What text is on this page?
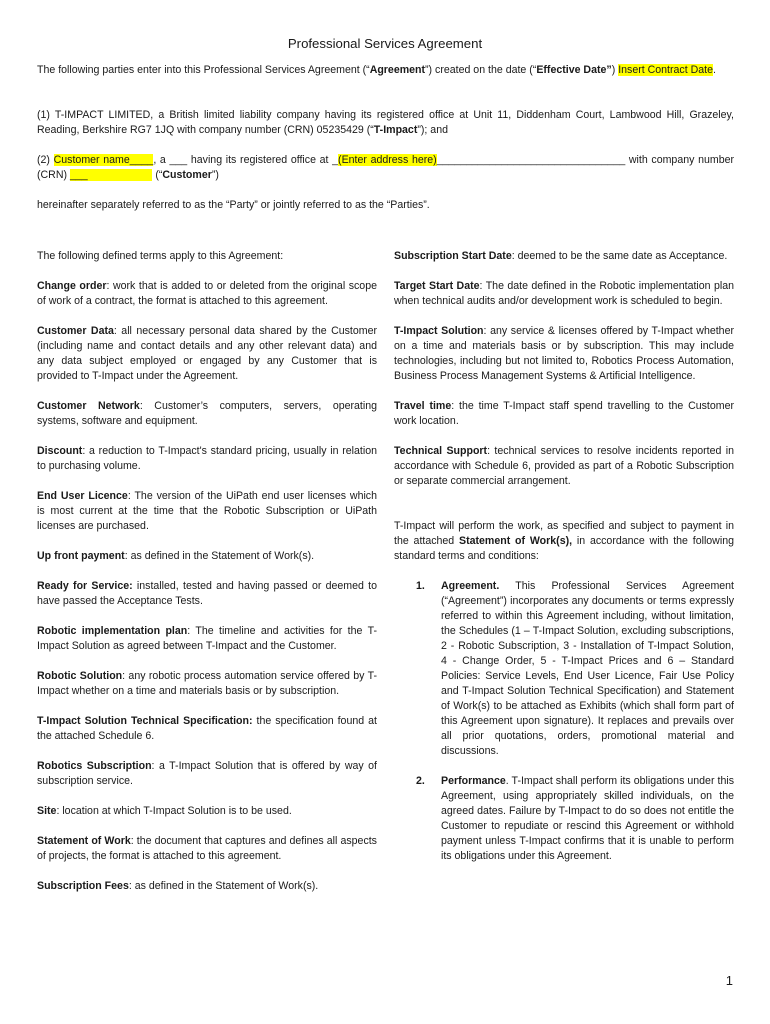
Professional Services Agreement

The following parties enter into this Professional Services Agreement (“Agreement”) created on the date (“Effective Date”) Insert Contract Date.

(1) T-IMPACT LIMITED, a British limited liability company having its registered office at Unit 11, Diddenham Court, Lambwood Hill, Grazeley, Reading, Berkshire RG7 1JQ with company number (CRN) 05235429 (“T-Impact”); and

(2) Customer name____, a ___ having its registered office at _(Enter address here)________________________________ with company number (CRN) ___                       (“Customer”)

hereinafter separately referred to as the “Party” or jointly referred to as the “Parties”.

The following defined terms apply to this Agreement:

Change order: work that is added to or deleted from the original scope of work of a contract, the format is attached to this agreement.

Customer Data: all necessary personal data shared by the Customer (including name and contact details and any other relevant data) and any data subject employed or engaged by any Customer that is provided to T-Impact under the Agreement.

Customer Network: Customer’s computers, servers, operating systems, software and equipment.

Discount: a reduction to T-Impact's standard pricing, usually in relation to purchasing volume.

End User Licence: The version of the UiPath end user licenses which is most current at the time that the Robotic Subscription or UiPath licenses are purchased.

Up front payment: as defined in the Statement of Work(s).

Ready for Service: installed, tested and having passed or deemed to have passed the Acceptance Tests.

Robotic implementation plan: The timeline and activities for the T-Impact Solution as agreed between T-Impact and the Customer.

Robotic Solution: any robotic process automation service offered by T-Impact whether on a time and materials basis or by subscription.

T-Impact Solution Technical Specification: the specification found at the attached Schedule 6.

Robotics Subscription: a T-Impact Solution that is offered by way of subscription service.

Site: location at which T-Impact Solution is to be used.

Statement of Work: the document that captures and defines all aspects of projects, the format is attached to this agreement.

Subscription Fees: as defined in the Statement of Work(s).

Subscription Start Date: deemed to be the same date as Acceptance.

Target Start Date: The date defined in the Robotic implementation plan when technical audits and/or development work is scheduled to begin.

T-Impact Solution: any service & licenses offered by T-Impact whether on a time and materials basis or by subscription. This may include technologies, including but not limited to, Robotics Process Automation, Business Process Management Systems & Artificial Intelligence.

Travel time: the time T-Impact staff spend travelling to the Customer work location.

Technical Support: technical services to resolve incidents reported in accordance with Schedule 6, provided as part of a Robotic Subscription or separate commercial arrangement.

T-Impact will perform the work, as specified and subject to payment in the attached Statement of Work(s), in accordance with the following standard terms and conditions:

1. Agreement. This Professional Services Agreement (“Agreement”) incorporates any documents or terms expressly referred to within this Agreement including, without limitation, the Schedules (1 – T-Impact Solution, excluding subscriptions, 2 - Robotic Subscription, 3 - Installation of T-Impact Solution, 4 - Change Order, 5 - T-Impact Prices and 6 – Standard Policies: Service Levels, End User Licence, Fair Use Policy and T-Impact Solution Technical Specification) and Statement of Work(s) to be attached as Exhibits (which shall form part of this Agreement upon signature). It replaces and prevails over all prior quotations, orders, promotional material and discussions.
2. Performance. T-Impact shall perform its obligations under this Agreement, using appropriately skilled individuals, on the agreed dates. Failure by T-Impact to do so does not entitle the Customer to repudiate or rescind this Agreement or withhold payment unless T-Impact confirms that it is unable to perform its obligations under this Agreement.
1
